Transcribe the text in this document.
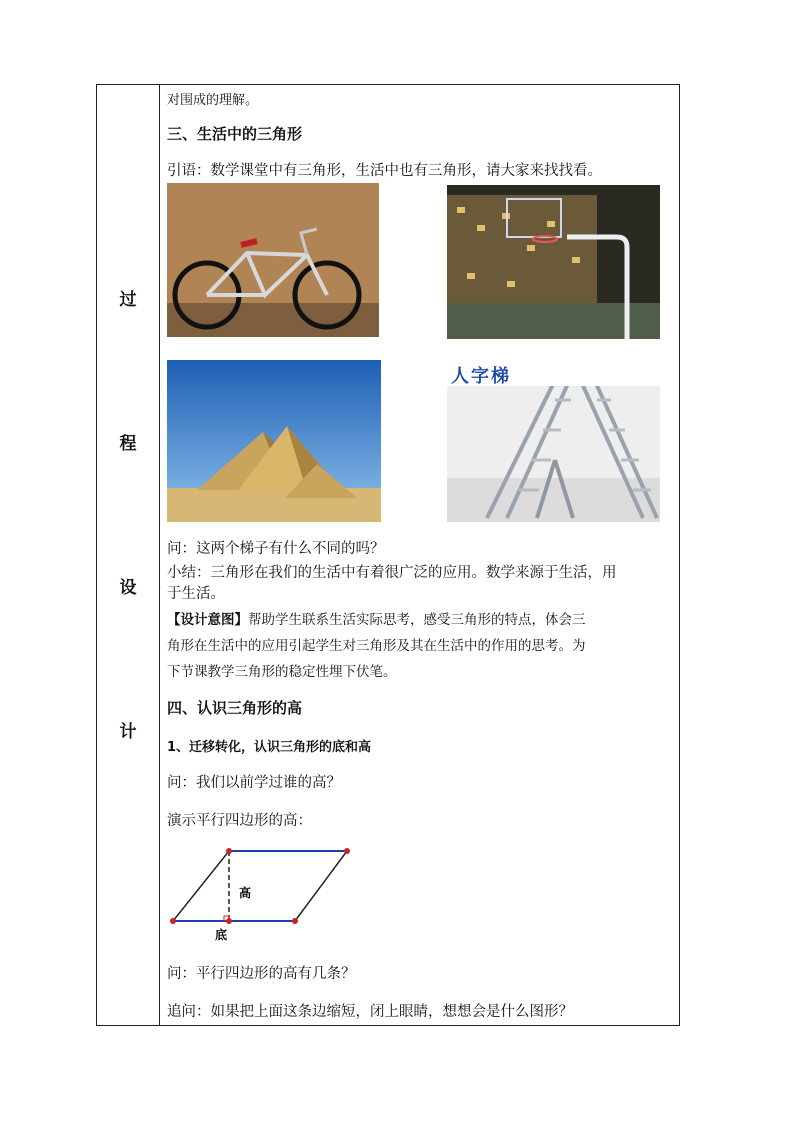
过
程
设
计
对围成的理解。
三、生活中的三角形
引语：数学课堂中有三角形，生活中也有三角形，请大家来找找看。
人字梯
问：这两个梯子有什么不同的吗？
小结：三角形在我们的生活中有着很广泛的应用。数学来源于生活，用
于生活。
【设计意图】帮助学生联系生活实际思考，感受三角形的特点，体会三
角形在生活中的应用引起学生对三角形及其在生活中的作用的思考。为
下节课教学三角形的稳定性埋下伏笔。
四、认识三角形的高
1、迁移转化，认识三角形的底和高
问：我们以前学过谁的高？
演示平行四边形的高：
高
底
问：平行四边形的高有几条？
追问：如果把上面这条边缩短，闭上眼睛，想想会是什么图形？
